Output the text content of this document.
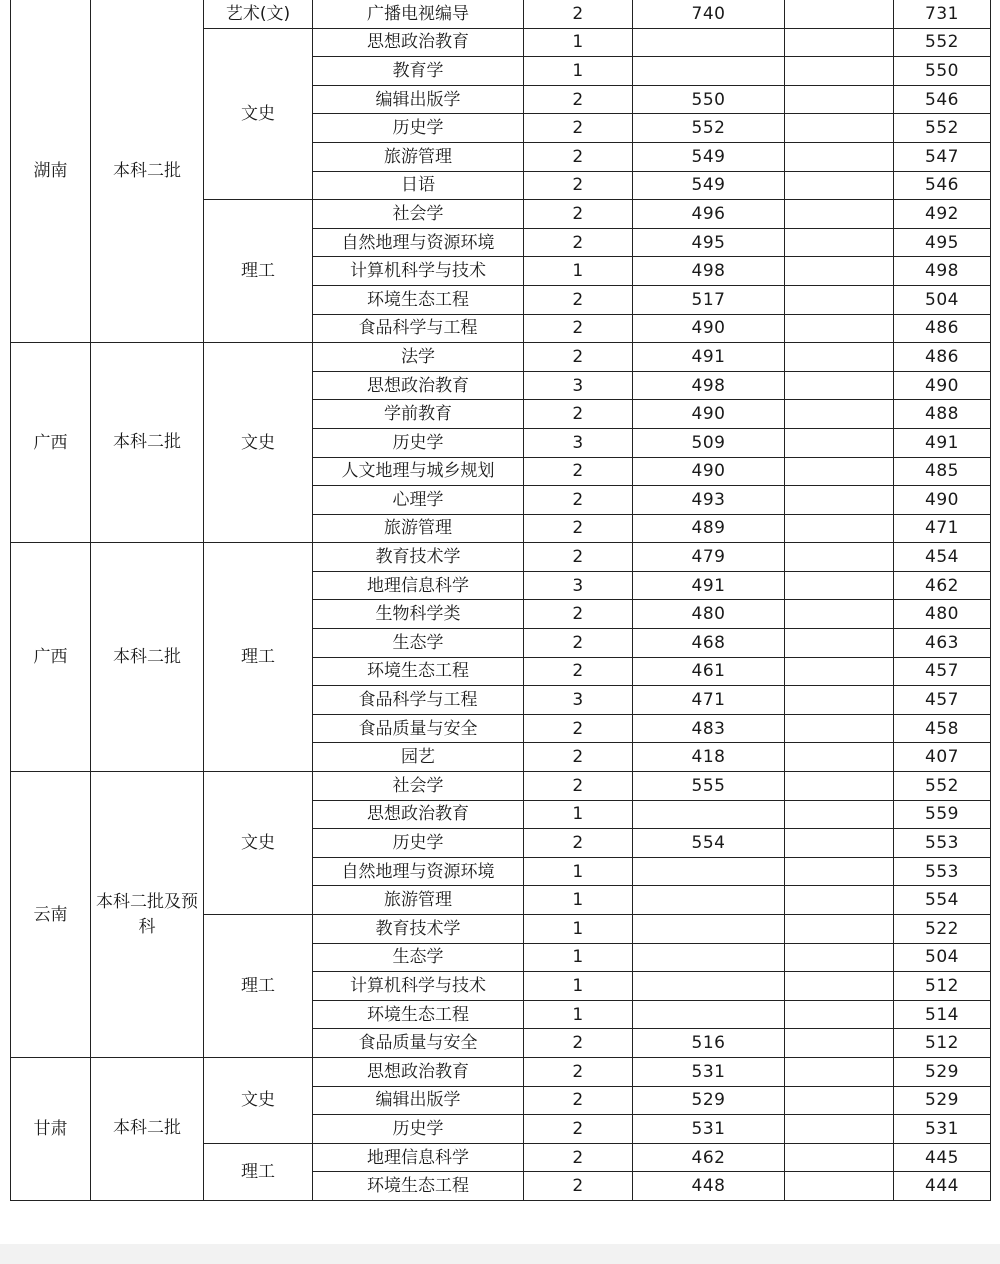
湖南	本科二批	艺术(文)	广播电视编导	2	740		731	
		文史	思想政治教育	1			552	
			教育学	1			550	
			编辑出版学	2	550		546	
			历史学	2	552		552	
			旅游管理	2	549		547	
			日语	2	549		546	
		理工	社会学	2	496		492	
			自然地理与资源环境	2	495		495	
			计算机科学与技术	1	498		498	
			环境生态工程	2	517		504	
			食品科学与工程	2	490		486	
广西	本科二批	文史	法学	2	491		486	
			思想政治教育	3	498		490	
			学前教育	2	490		488	
			历史学	3	509		491	
			人文地理与城乡规划	2	490		485	
			心理学	2	493		490	
			旅游管理	2	489		471	
广西	本科二批	理工	教育技术学	2	479		454	
			地理信息科学	3	491		462	
			生物科学类	2	480		480	
			生态学	2	468		463	
			环境生态工程	2	461		457	
			食品科学与工程	3	471		457	
			食品质量与安全	2	483		458	
			园艺	2	418		407	
云南	本科二批及预科	文史	社会学	2	555		552	
			思想政治教育	1			559	
			历史学	2	554		553	
			自然地理与资源环境	1			553	
			旅游管理	1			554	
		理工	教育技术学	1			522	
			生态学	1			504	
			计算机科学与技术	1			512	
			环境生态工程	1			514	
			食品质量与安全	2	516		512	
甘肃	本科二批	文史	思想政治教育	2	531		529	
			编辑出版学	2	529		529	
			历史学	2	531		531	
		理工	地理信息科学	2	462		445	
			环境生态工程	2	448		444	
